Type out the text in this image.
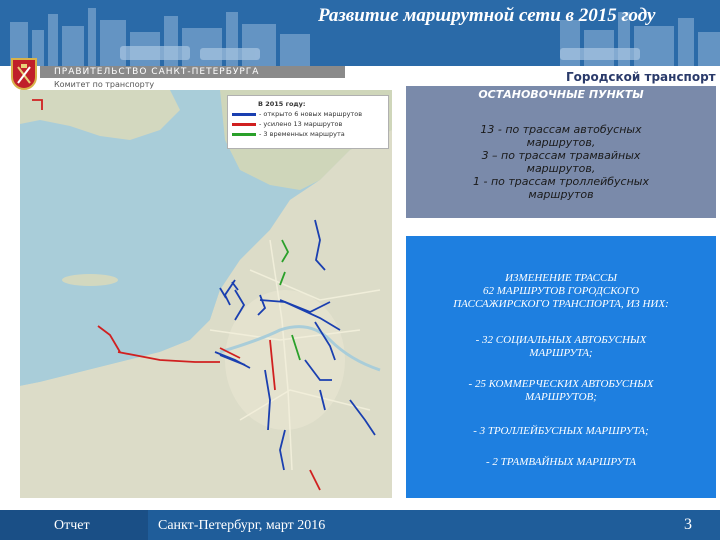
Развитие маршрутной сети в 2015 году
ПРАВИТЕЛЬСТВО САНКТ-ПЕТЕРБУРГА
Комитет по транспорту
Городской транспорт
В 2015 году:
- открыто 6 новых маршрутов
- усилено 13 маршрутов
- 3 временных маршрута
ОСТАНОВОЧНЫЕ ПУНКТЫ
13 - по трассам автобусных
маршрутов,
3 – по трассам трамвайных
маршрутов,
1 - по трассам троллейбусных
маршрутов

ИЗМЕНЕНИЕ ТРАССЫ

62 МАРШРУТОВ ГОРОДСКОГО

ПАССАЖИРСКОГО ТРАНСПОРТА, ИЗ НИХ:

- 32 СОЦИАЛЬНЫХ АВТОБУСНЫХ

МАРШРУТА;

- 25 КОММЕРЧЕСКИХ АВТОБУСНЫХ

МАРШРУТОВ;

- 3 ТРОЛЛЕЙБУСНЫХ МАРШРУТА;

- 2 ТРАМВАЙНЫХ МАРШРУТА

Отчет	Санкт-Петербург, март 2016	3
